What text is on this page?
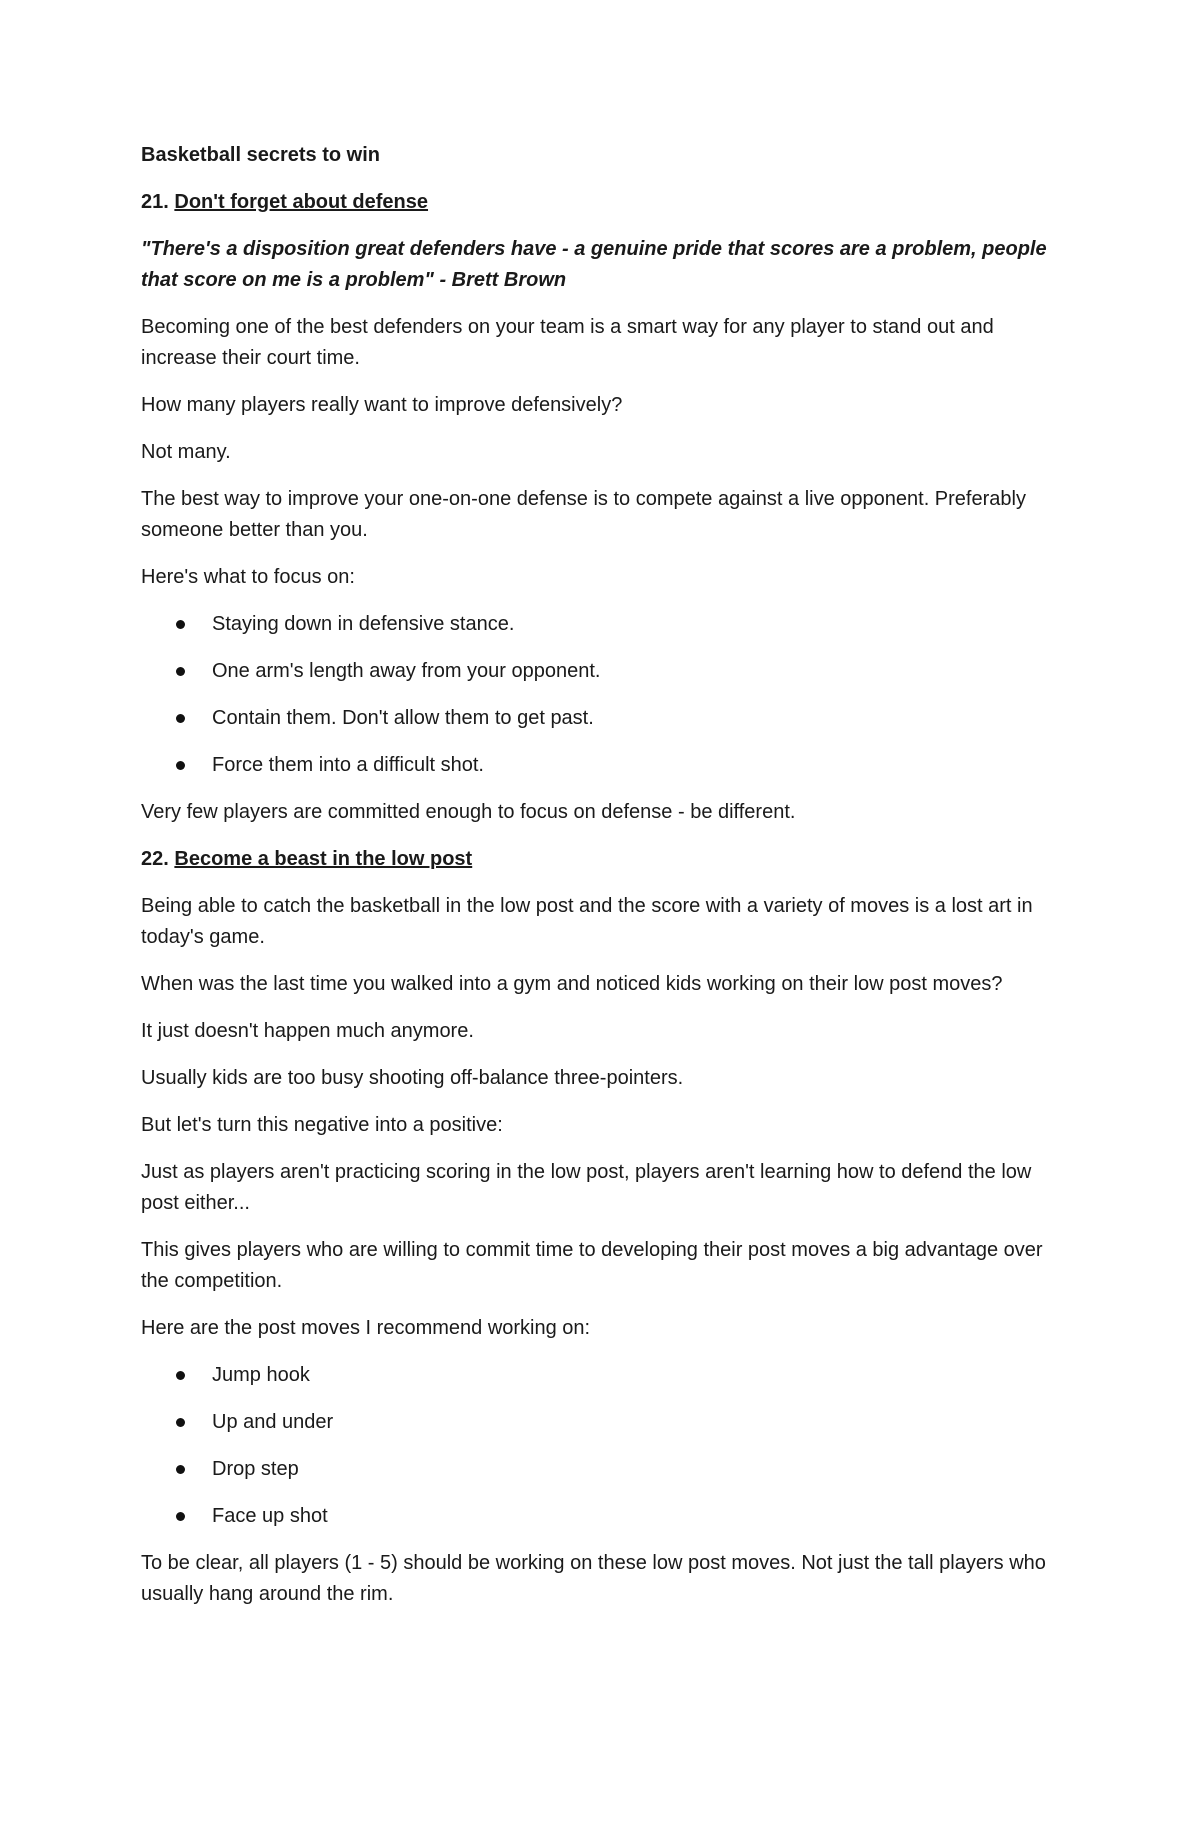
Basketball secrets to win
21. Don't forget about defense
"There's a disposition great defenders have - a genuine pride that scores are a problem, people that score on me is a problem" - Brett Brown
Becoming one of the best defenders on your team is a smart way for any player to stand out and increase their court time.
How many players really want to improve defensively?
Not many.
The best way to improve your one-on-one defense is to compete against a live opponent. Preferably someone better than you.
Here's what to focus on:
Staying down in defensive stance.
One arm's length away from your opponent.
Contain them. Don't allow them to get past.
Force them into a difficult shot.
Very few players are committed enough to focus on defense - be different.
22. Become a beast in the low post
Being able to catch the basketball in the low post and the score with a variety of moves is a lost art in today's game.
When was the last time you walked into a gym and noticed kids working on their low post moves?
It just doesn't happen much anymore.
Usually kids are too busy shooting off-balance three-pointers.
But let's turn this negative into a positive:
Just as players aren't practicing scoring in the low post, players aren't learning how to defend the low post either...
This gives players who are willing to commit time to developing their post moves a big advantage over the competition.
Here are the post moves I recommend working on:
Jump hook
Up and under
Drop step
Face up shot
To be clear, all players (1 - 5) should be working on these low post moves. Not just the tall players who usually hang around the rim.
